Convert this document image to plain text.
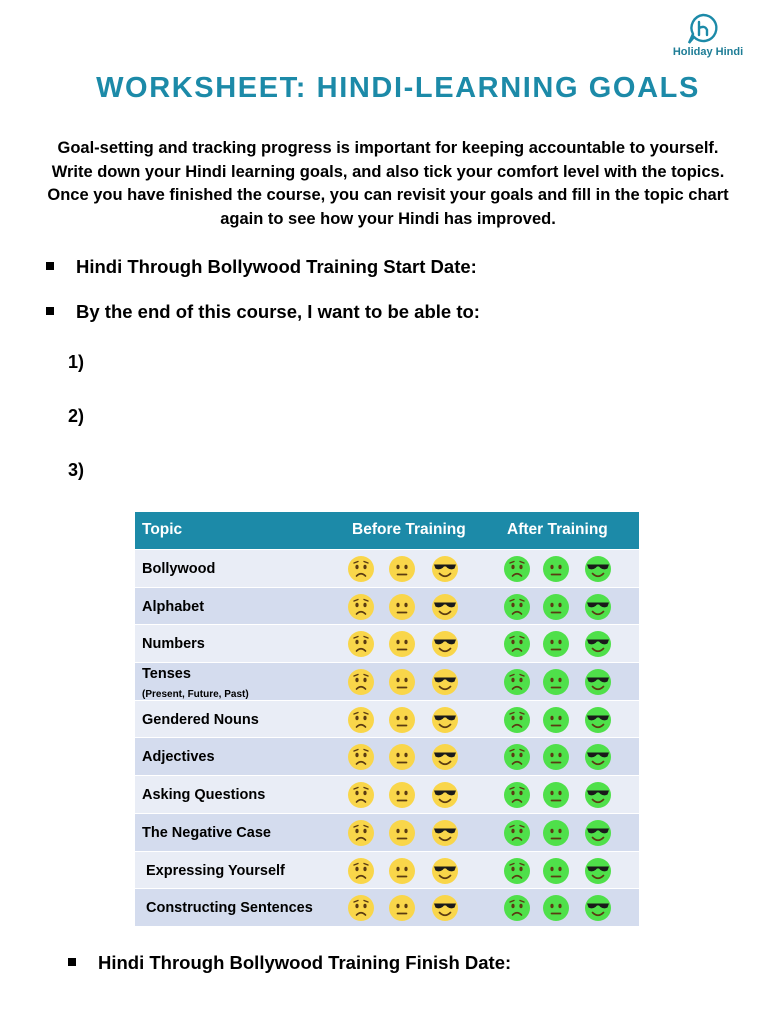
Holiday Hindi
WORKSHEET: HINDI-LEARNING GOALS
Goal-setting and tracking progress is important for keeping accountable to yourself. Write down your Hindi learning goals, and also tick your comfort level with the topics. Once you have finished the course, you can revisit your goals and fill in the topic chart again to see how your Hindi has improved.
Hindi Through Bollywood Training Start Date:
By the end of this course, I want to be able to:
1)
2)
3)
Topic	Before Training	After Training
Bollywood
Alphabet
Numbers
Tenses
(Present, Future, Past)
Gendered Nouns
Adjectives
Asking Questions
The Negative Case
Expressing Yourself
Constructing Sentences
Hindi Through Bollywood Training Finish Date:
